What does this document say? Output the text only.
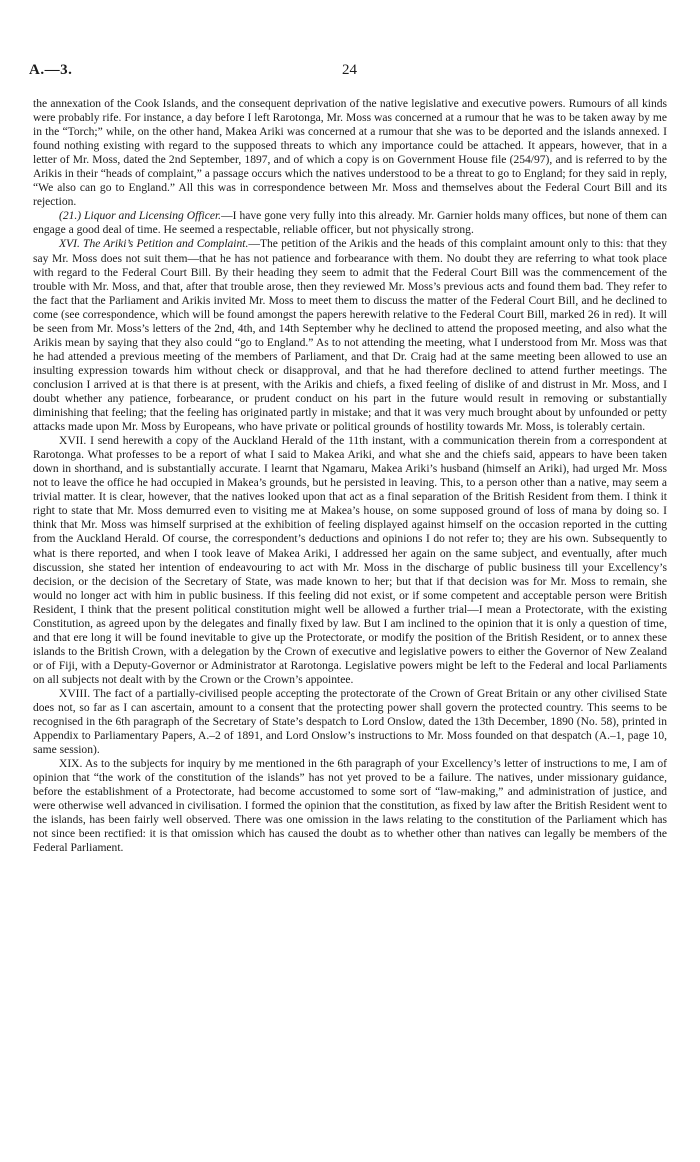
A.—3.	24

the annexation of the Cook Islands, and the consequent deprivation of the native legislative and executive powers. Rumours of all kinds were probably rife. For instance, a day before I left Rarotonga, Mr. Moss was concerned at a rumour that he was to be taken away by me in the “Torch;” while, on the other hand, Makea Ariki was concerned at a rumour that she was to be deported and the islands annexed. I found nothing existing with regard to the supposed threats to which any importance could be attached. It appears, however, that in a letter of Mr. Moss, dated the 2nd September, 1897, and of which a copy is on Government House file (254/97), and is referred to by the Arikis in their “heads of complaint,” a passage occurs which the natives understood to be a threat to go to England; for they said in reply, “We also can go to England.” All this was in correspondence between Mr. Moss and themselves about the Federal Court Bill and its rejection.

(21.) Liquor and Licensing Officer.—I have gone very fully into this already. Mr. Garnier holds many offices, but none of them can engage a good deal of time. He seemed a respectable, reliable officer, but not physically strong.

XVI. The Ariki’s Petition and Complaint.—The petition of the Arikis and the heads of this complaint amount only to this: that they say Mr. Moss does not suit them—that he has not patience and forbearance with them. No doubt they are referring to what took place with regard to the Federal Court Bill. By their heading they seem to admit that the Federal Court Bill was the commencement of the trouble with Mr. Moss, and that, after that trouble arose, then they reviewed Mr. Moss’s previous acts and found them bad. They refer to the fact that the Parliament and Arikis invited Mr. Moss to meet them to discuss the matter of the Federal Court Bill, and he declined to come (see correspondence, which will be found amongst the papers herewith relative to the Federal Court Bill, marked 26 in red). It will be seen from Mr. Moss’s letters of the 2nd, 4th, and 14th September why he declined to attend the proposed meeting, and also what the Arikis mean by saying that they also could “go to England.” As to not attending the meeting, what I understood from Mr. Moss was that he had attended a previous meeting of the members of Parliament, and that Dr. Craig had at the same meeting been allowed to use an insulting expression towards him without check or disapproval, and that he had therefore declined to attend further meetings. The conclusion I arrived at is that there is at present, with the Arikis and chiefs, a fixed feeling of dislike of and distrust in Mr. Moss, and I doubt whether any patience, forbearance, or prudent conduct on his part in the future would result in removing or substantially diminishing that feeling; that the feeling has originated partly in mistake; and that it was very much brought about by unfounded or petty attacks made upon Mr. Moss by Europeans, who have private or political grounds of hostility towards Mr. Moss, is tolerably certain.

XVII. I send herewith a copy of the Auckland Herald of the 11th instant, with a communication therein from a correspondent at Rarotonga. What professes to be a report of what I said to Makea Ariki, and what she and the chiefs said, appears to have been taken down in shorthand, and is substantially accurate. I learnt that Ngamaru, Makea Ariki’s husband (himself an Ariki), had urged Mr. Moss not to leave the office he had occupied in Makea’s grounds, but he persisted in leaving. This, to a person other than a native, may seem a trivial matter. It is clear, however, that the natives looked upon that act as a final separation of the British Resident from them. I think it right to state that Mr. Moss demurred even to visiting me at Makea’s house, on some supposed ground of loss of mana by doing so. I think that Mr. Moss was himself surprised at the exhibition of feeling displayed against himself on the occasion reported in the cutting from the Auckland Herald. Of course, the correspondent’s deductions and opinions I do not refer to; they are his own. Subsequently to what is there reported, and when I took leave of Makea Ariki, I addressed her again on the same subject, and eventually, after much discussion, she stated her intention of endeavouring to act with Mr. Moss in the discharge of public business till your Excellency’s decision, or the decision of the Secretary of State, was made known to her; but that if that decision was for Mr. Moss to remain, she would no longer act with him in public business. If this feeling did not exist, or if some competent and acceptable person were British Resident, I think that the present political constitution might well be allowed a further trial—I mean a Protectorate, with the existing Constitution, as agreed upon by the delegates and finally fixed by law. But I am inclined to the opinion that it is only a question of time, and that ere long it will be found inevitable to give up the Protectorate, or modify the position of the British Resident, or to annex these islands to the British Crown, with a delegation by the Crown of executive and legislative powers to either the Governor of New Zealand or of Fiji, with a Deputy-Governor or Administrator at Rarotonga. Legislative powers might be left to the Federal and local Parliaments on all subjects not dealt with by the Crown or the Crown’s appointee.

XVIII. The fact of a partially-civilised people accepting the protectorate of the Crown of Great Britain or any other civilised State does not, so far as I can ascertain, amount to a consent that the protecting power shall govern the protected country. This seems to be recognised in the 6th paragraph of the Secretary of State’s despatch to Lord Onslow, dated the 13th December, 1890 (No. 58), printed in Appendix to Parliamentary Papers, A.–2 of 1891, and Lord Onslow’s instructions to Mr. Moss founded on that despatch (A.–1, page 10, same session).

XIX. As to the subjects for inquiry by me mentioned in the 6th paragraph of your Excellency’s letter of instructions to me, I am of opinion that “the work of the constitution of the islands” has not yet proved to be a failure. The natives, under missionary guidance, before the establishment of a Protectorate, had become accustomed to some sort of “law-making,” and administration of justice, and were otherwise well advanced in civilisation. I formed the opinion that the constitution, as fixed by law after the British Resident went to the islands, has been fairly well observed. There was one omission in the laws relating to the constitution of the Parliament which has not since been rectified: it is that omission which has caused the doubt as to whether other than natives can legally be members of the Federal Parliament.
